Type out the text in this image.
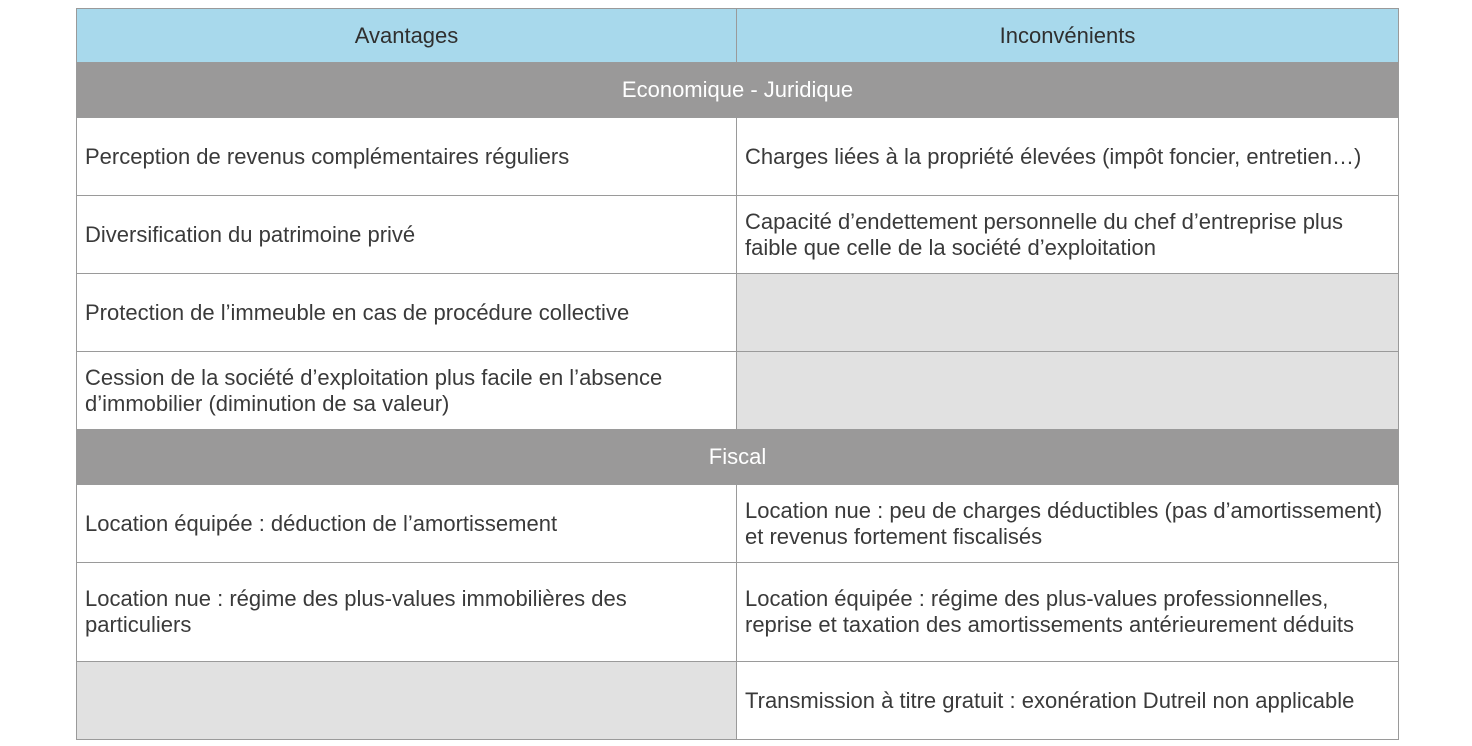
Avantages	Inconvénients
Economique - Juridique	
Perception de revenus complémentaires réguliers	Charges liées à la propriété élevées (impôt foncier, entretien…)
Diversification du patrimoine privé	Capacité d’endettement personnelle du chef d’entreprise plus faible que celle de la société d’exploitation
Protection de l’immeuble en cas de procédure collective	
Cession de la société d’exploitation plus facile en l’absence d’immobilier (diminution de sa valeur)	
Fiscal	
Location équipée : déduction de l’amortissement	Location nue : peu de charges déductibles (pas d’amortissement) et revenus fortement fiscalisés
Location nue : régime des plus-values immobilières des particuliers	Location équipée : régime des plus-values professionnelles, reprise et taxation des amortissements antérieurement déduits
	Transmission à titre gratuit : exonération Dutreil non applicable
